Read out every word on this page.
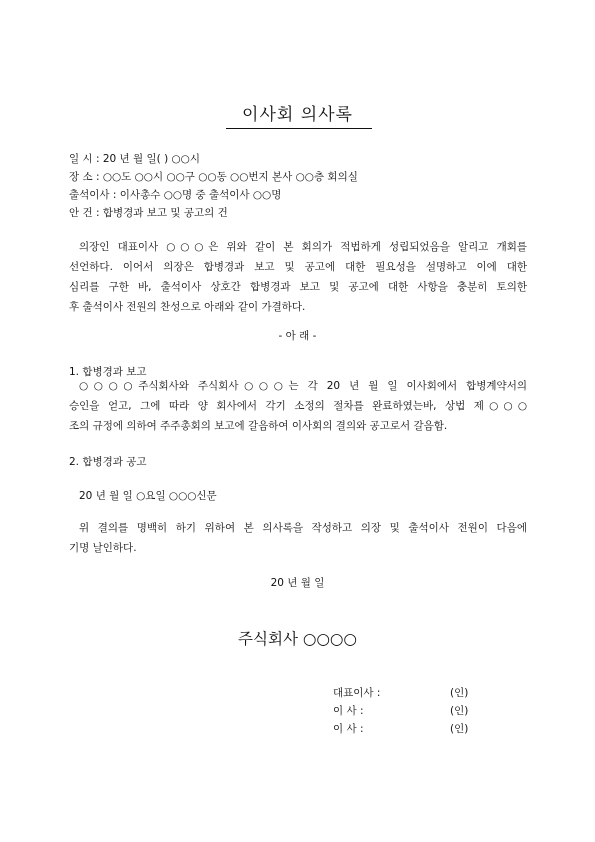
이사회 의사록
일 시 : 20 년 월 일( ) ○○시
장 소 : ○○도 ○○시 ○○구 ○○동 ○○번지 본사 ○○층 회의실
출석이사 : 이사총수 ○○명 중 출석이사 ○○명
안 건 : 합병경과 보고 및 공고의 건
의장인 대표이사 ○○○은 위와 같이 본 회의가 적법하게 성립되었음을 알리고 개회를
선언하다. 이어서 의장은 합병경과 보고 및 공고에 대한 필요성을 설명하고 이에 대한
심리를 구한 바, 출석이사 상호간 합병경과 보고 및 공고에 대한 사항을 충분히 토의한
후 출석이사 전원의 찬성으로 아래와 같이 가결하다.
- 아 래 -
1. 합병경과 보고
○○○○주식회사와 주식회사○○○는 각 20 년 월 일 이사회에서 합병계약서의
승인을 얻고, 그에 따라 양 회사에서 각기 소정의 절차를 완료하였는바, 상법 제○○○
조의 규정에 의하여 주주총회의 보고에 갈음하여 이사회의 결의와 공고로서 갈음함.
2. 합병경과 공고
20 년 월 일 ○요일 ○○○신문
위 결의를 명백히 하기 위하여 본 의사록을 작성하고 의장 및 출석이사 전원이 다음에
기명 날인하다.
20 년 월 일
주식회사 ○○○○
대표이사 :	(인)
이 사 :	(인)
이 사 :	(인)
